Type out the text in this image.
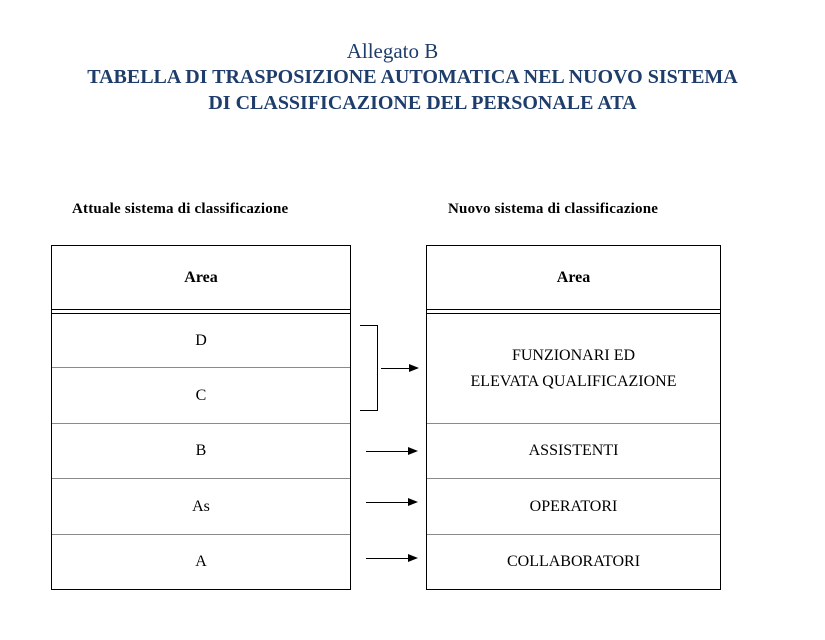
Allegato B
TABELLA DI TRASPOSIZIONE AUTOMATICA NEL NUOVO SISTEMA
DI CLASSIFICAZIONE DEL PERSONALE ATA
Attuale sistema di classificazione	Nuovo sistema di classificazione
Area
D
C
B
As
A
Area
FUNZIONARI ED
ELEVATA QUALIFICAZIONE
ASSISTENTI
OPERATORI
COLLABORATORI
